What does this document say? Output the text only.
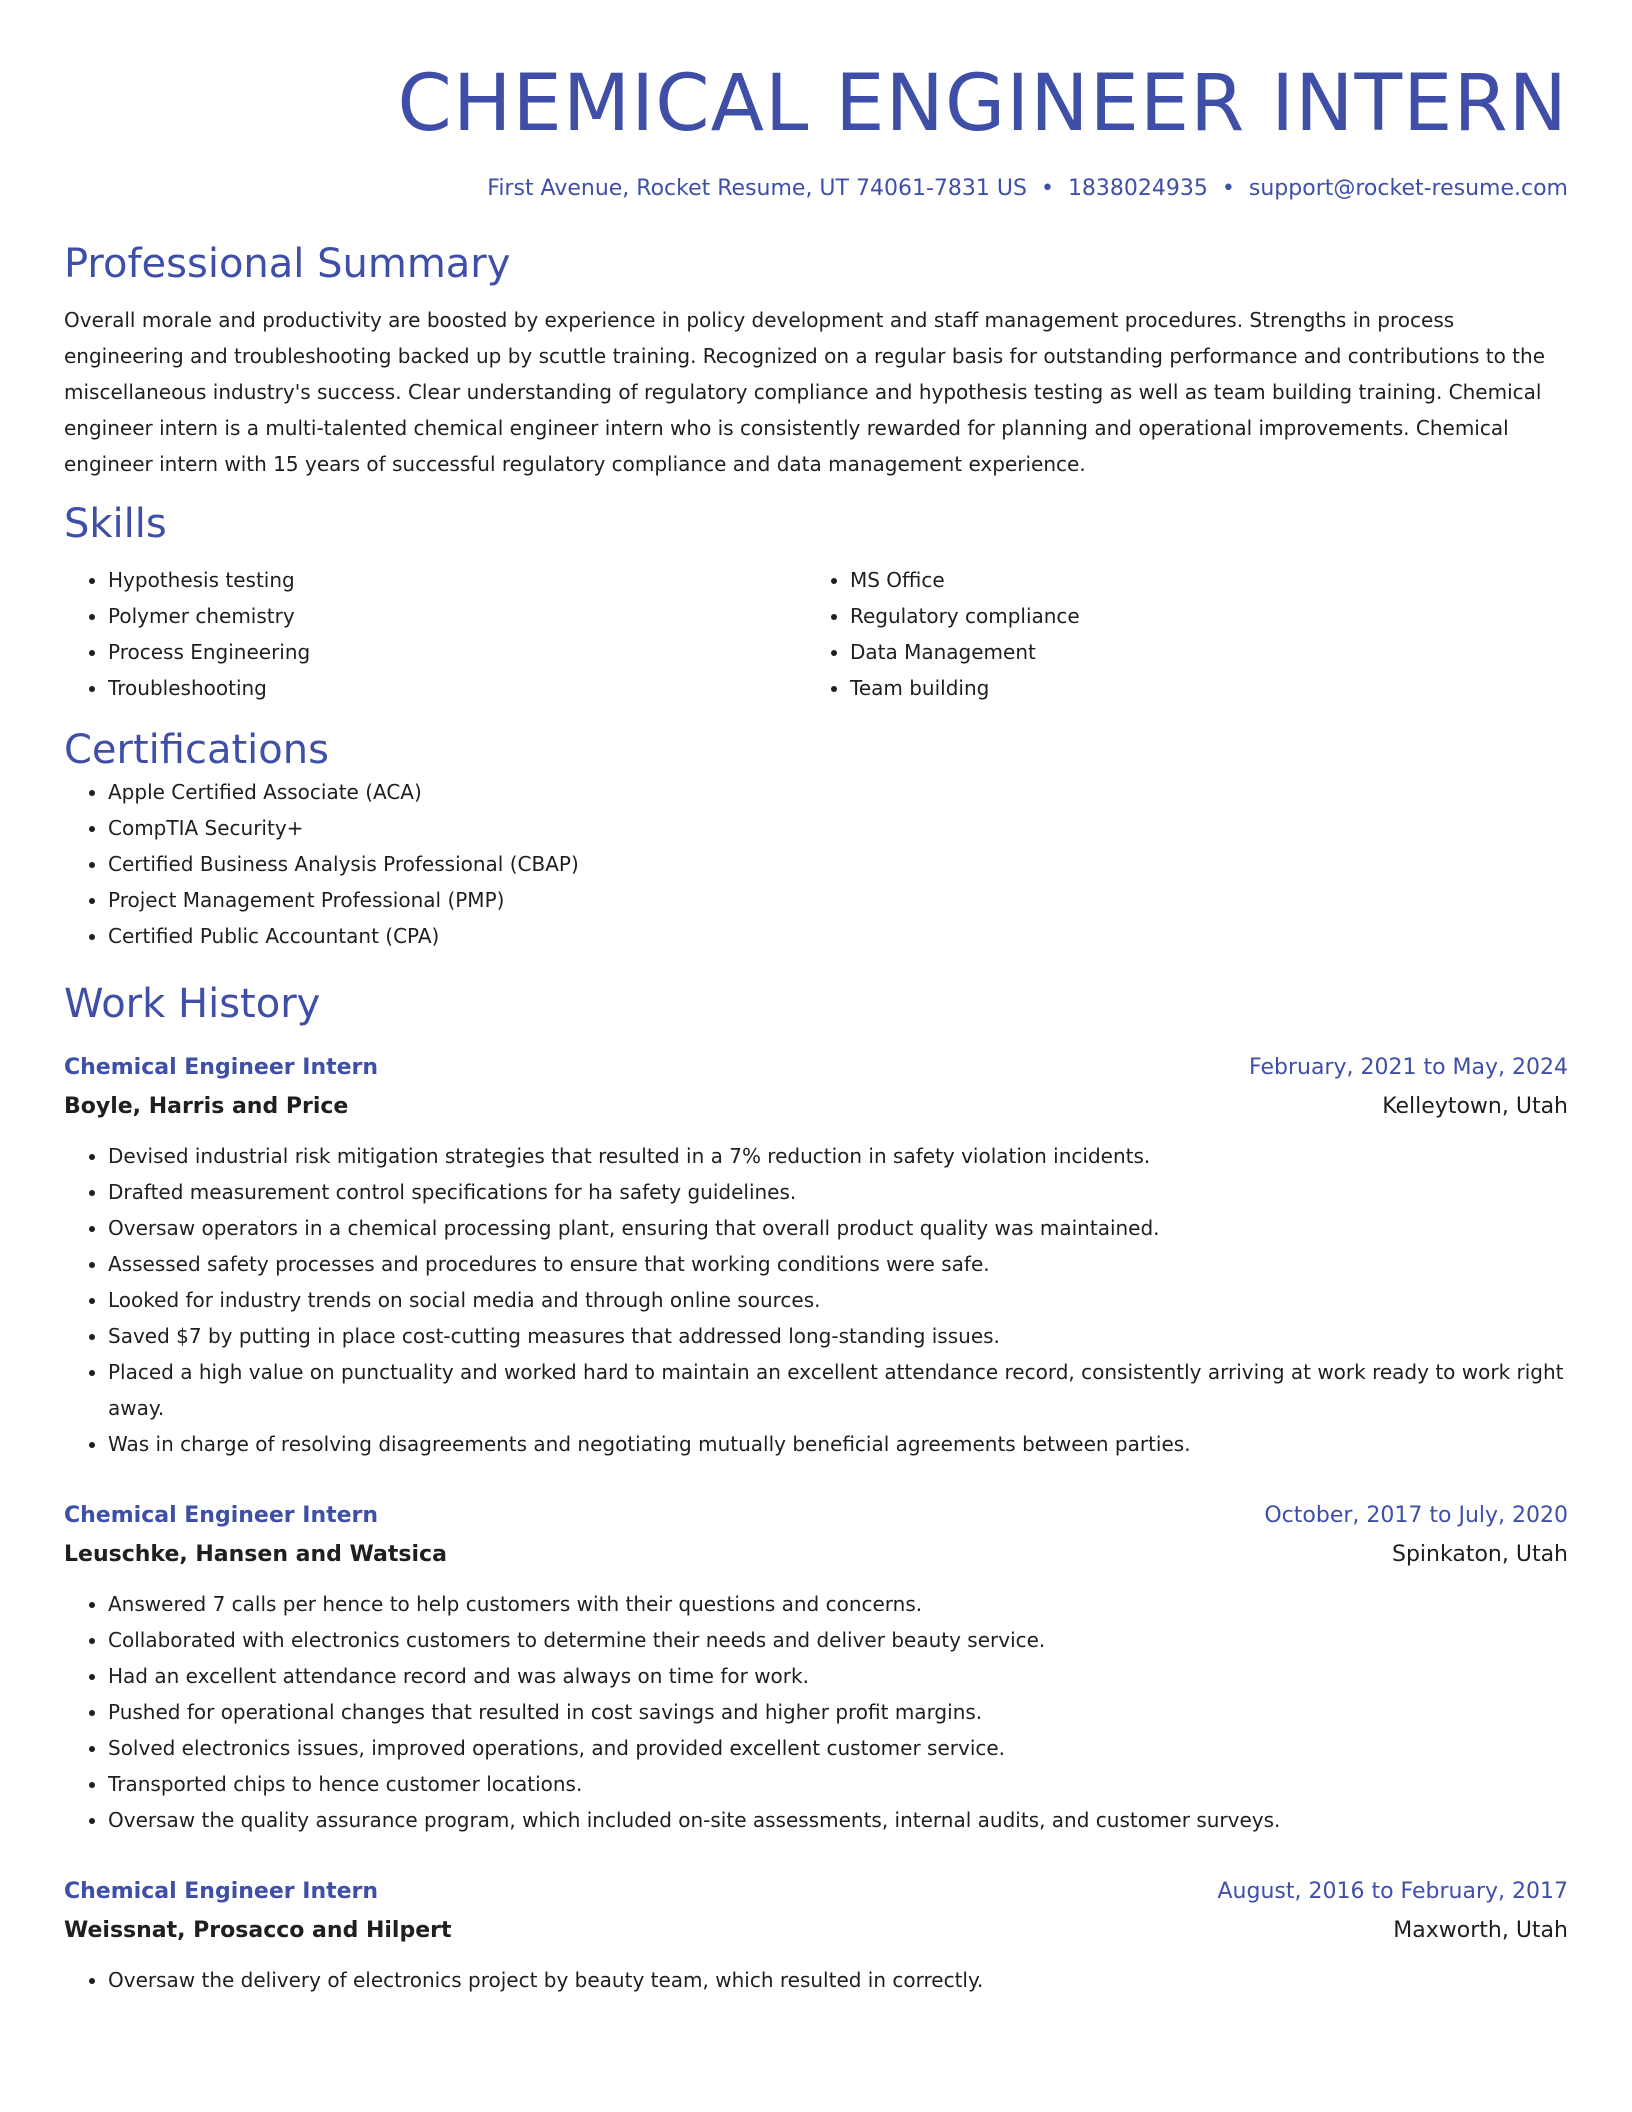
CHEMICAL ENGINEER INTERN
First Avenue, Rocket Resume, UT 74061-7831 US • 1838024935 • support@rocket-resume.com
Professional Summary
Overall morale and productivity are boosted by experience in policy development and staff management procedures. Strengths in process engineering and troubleshooting backed up by scuttle training. Recognized on a regular basis for outstanding performance and contributions to the miscellaneous industry's success. Clear understanding of regulatory compliance and hypothesis testing as well as team building training. Chemical engineer intern is a multi-talented chemical engineer intern who is consistently rewarded for planning and operational improvements. Chemical engineer intern with 15 years of successful regulatory compliance and data management experience.
Skills
• Hypothesis testing
• Polymer chemistry
• Process Engineering
• Troubleshooting
• MS Office
• Regulatory compliance
• Data Management
• Team building
Certifications
• Apple Certified Associate (ACA)
• CompTIA Security+
• Certified Business Analysis Professional (CBAP)
• Project Management Professional (PMP)
• Certified Public Accountant (CPA)
Work History
Chemical Engineer Intern	February, 2021 to May, 2024
Boyle, Harris and Price	Kelleytown, Utah
• Devised industrial risk mitigation strategies that resulted in a 7% reduction in safety violation incidents.
• Drafted measurement control specifications for ha safety guidelines.
• Oversaw operators in a chemical processing plant, ensuring that overall product quality was maintained.
• Assessed safety processes and procedures to ensure that working conditions were safe.
• Looked for industry trends on social media and through online sources.
• Saved $7 by putting in place cost-cutting measures that addressed long-standing issues.
• Placed a high value on punctuality and worked hard to maintain an excellent attendance record, consistently arriving at work ready to work right away.
• Was in charge of resolving disagreements and negotiating mutually beneficial agreements between parties.
Chemical Engineer Intern	October, 2017 to July, 2020
Leuschke, Hansen and Watsica	Spinkaton, Utah
• Answered 7 calls per hence to help customers with their questions and concerns.
• Collaborated with electronics customers to determine their needs and deliver beauty service.
• Had an excellent attendance record and was always on time for work.
• Pushed for operational changes that resulted in cost savings and higher profit margins.
• Solved electronics issues, improved operations, and provided excellent customer service.
• Transported chips to hence customer locations.
• Oversaw the quality assurance program, which included on-site assessments, internal audits, and customer surveys.
Chemical Engineer Intern	August, 2016 to February, 2017
Weissnat, Prosacco and Hilpert	Maxworth, Utah
• Oversaw the delivery of electronics project by beauty team, which resulted in correctly.
